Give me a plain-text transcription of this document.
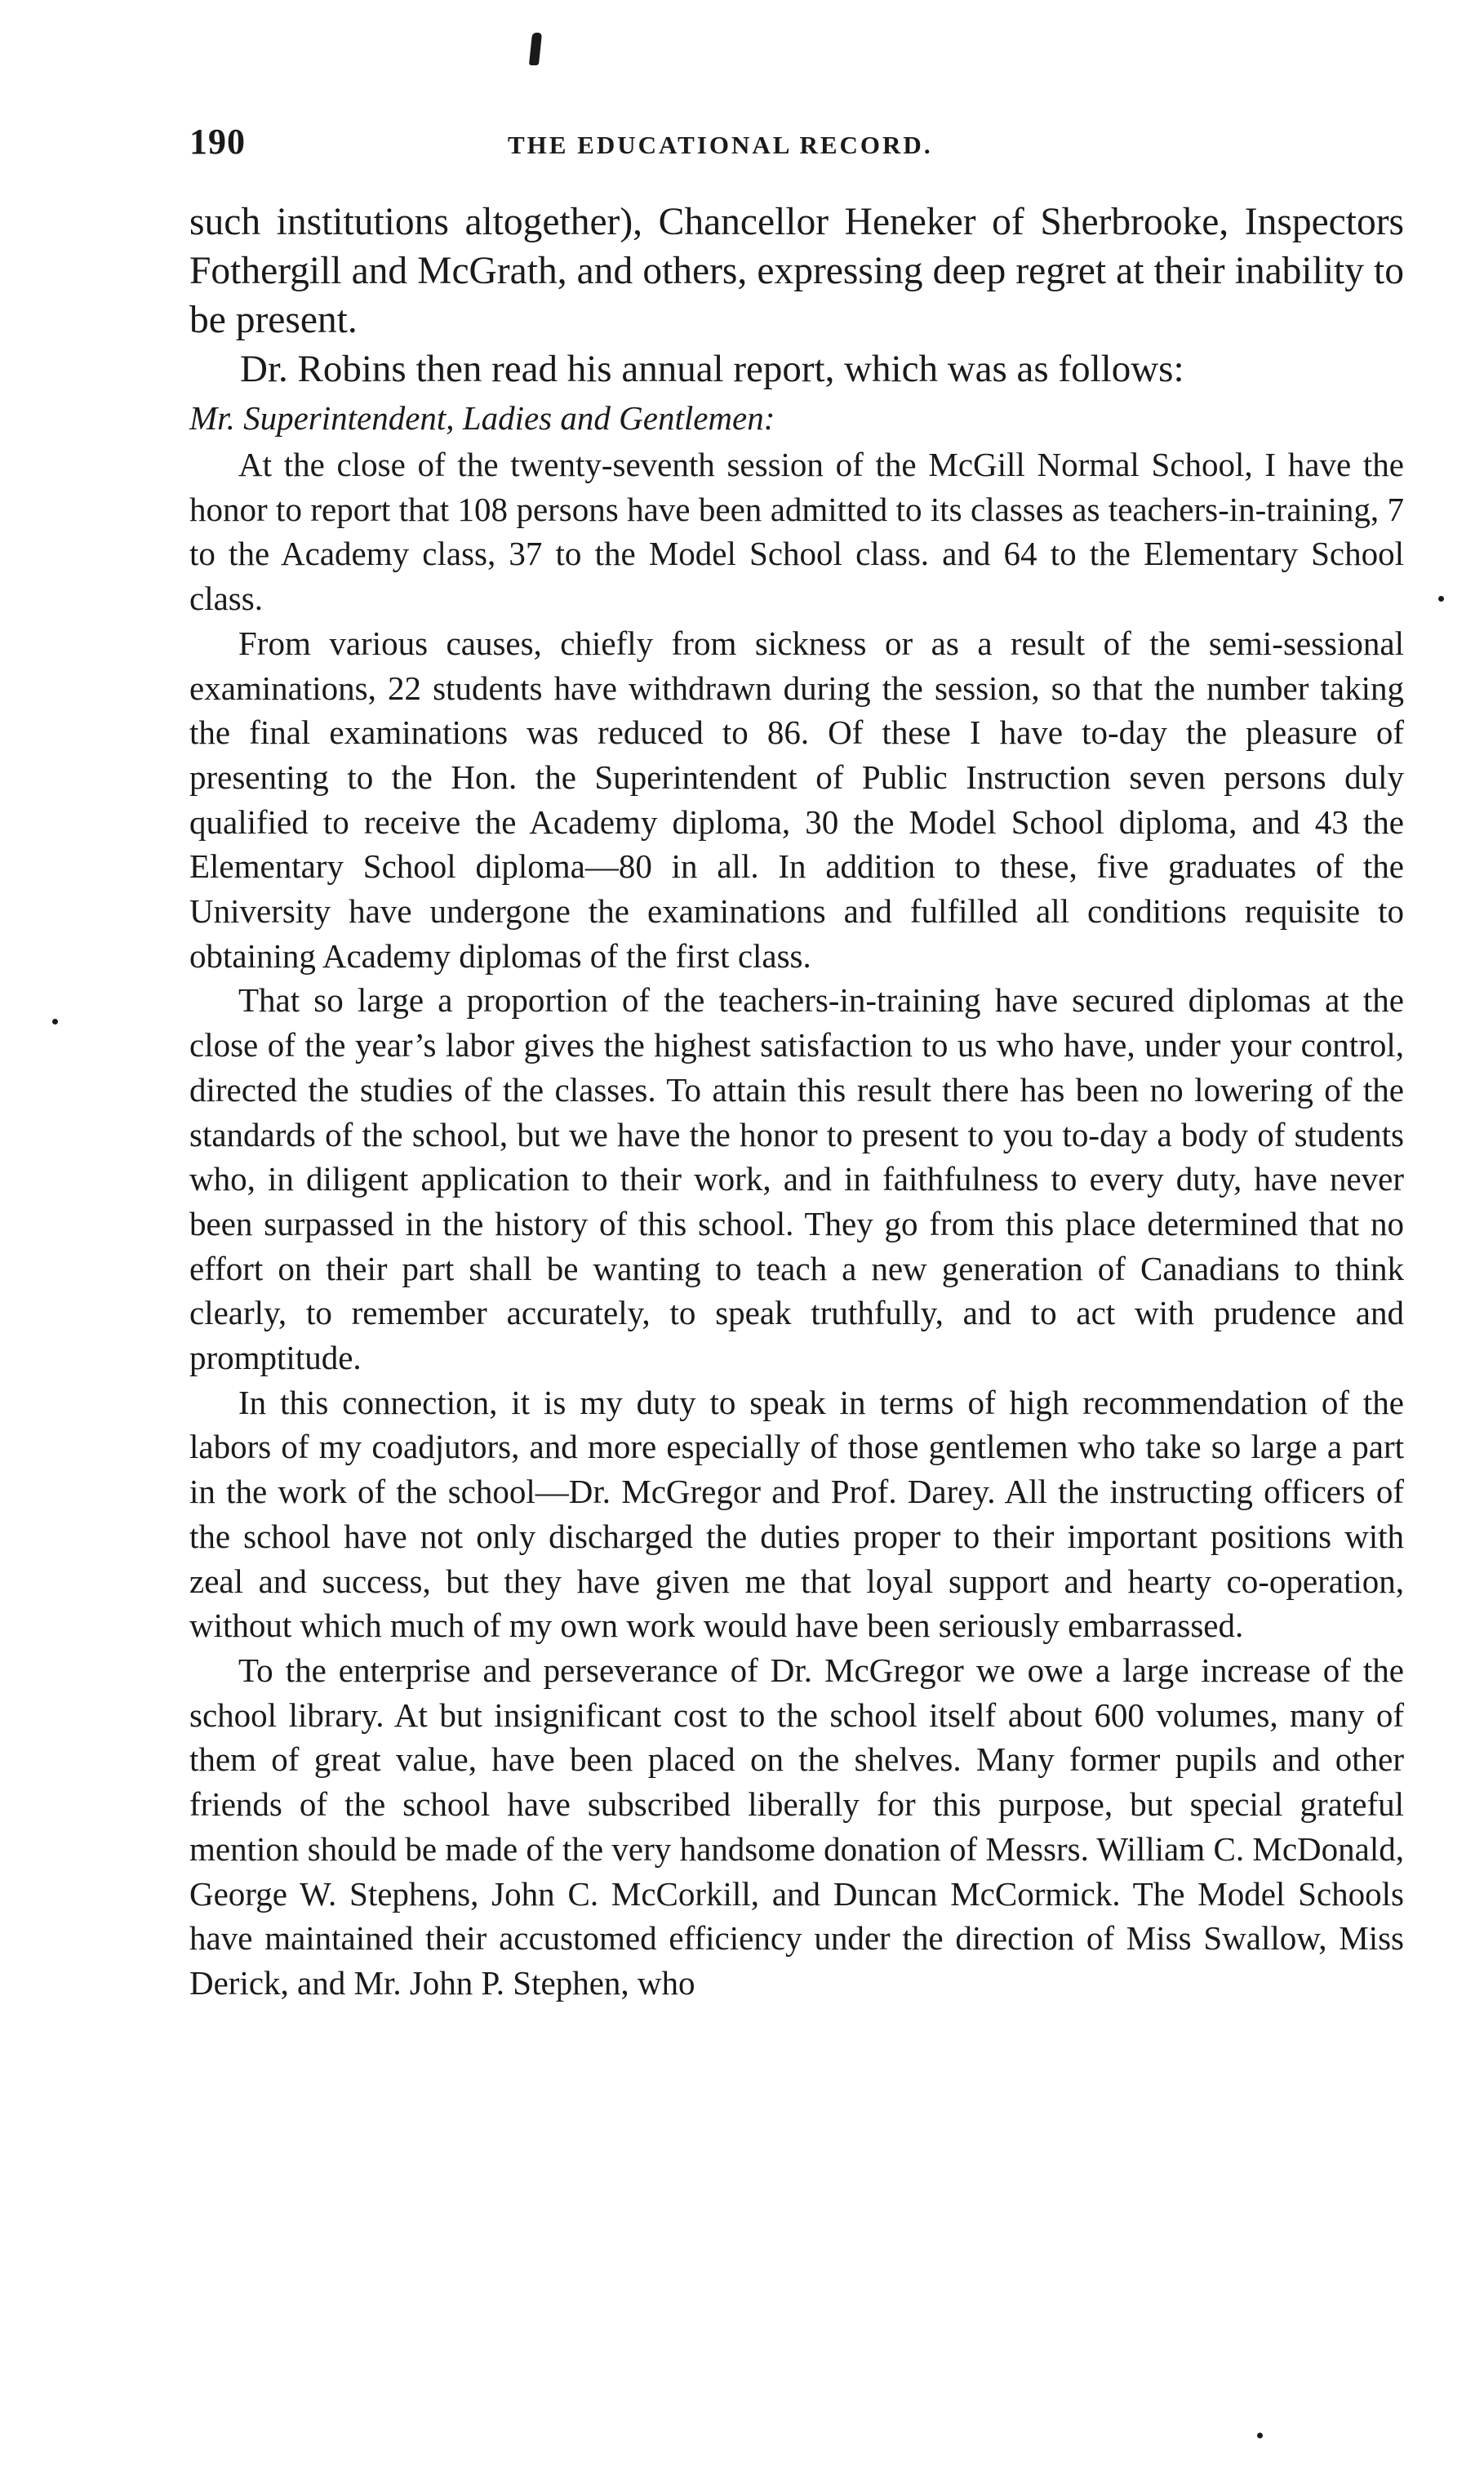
190	THE EDUCATIONAL RECORD.

such institutions altogether), Chancellor Heneker of Sherbrooke, Inspectors Fothergill and McGrath, and others, expressing deep regret at their inability to be present.

Dr. Robins then read his annual report, which was as follows:

Mr. Superintendent, Ladies and Gentlemen:

At the close of the twenty-seventh session of the McGill Normal School, I have the honor to report that 108 persons have been admitted to its classes as teachers-in-training, 7 to the Academy class, 37 to the Model School class. and 64 to the Elementary School class.

From various causes, chiefly from sickness or as a result of the semi-sessional examinations, 22 students have withdrawn during the session, so that the number taking the final examinations was reduced to 86. Of these I have to-day the pleasure of presenting to the Hon. the Superintendent of Public Instruction seven persons duly qualified to receive the Academy diploma, 30 the Model School diploma, and 43 the Elementary School diploma—80 in all. In addition to these, five graduates of the University have undergone the examinations and fulfilled all conditions requisite to obtaining Academy diplomas of the first class.

That so large a proportion of the teachers-in-training have secured diplomas at the close of the year’s labor gives the highest satisfaction to us who have, under your control, directed the studies of the classes. To attain this result there has been no lowering of the standards of the school, but we have the honor to present to you to-day a body of students who, in diligent application to their work, and in faithfulness to every duty, have never been surpassed in the history of this school. They go from this place determined that no effort on their part shall be wanting to teach a new generation of Canadians to think clearly, to remember accurately, to speak truthfully, and to act with prudence and promptitude.

In this connection, it is my duty to speak in terms of high recommendation of the labors of my coadjutors, and more especially of those gentlemen who take so large a part in the work of the school—Dr. McGregor and Prof. Darey. All the instructing officers of the school have not only discharged the duties proper to their important positions with zeal and success, but they have given me that loyal support and hearty co-operation, without which much of my own work would have been seriously embarrassed.

To the enterprise and perseverance of Dr. McGregor we owe a large increase of the school library. At but insignificant cost to the school itself about 600 volumes, many of them of great value, have been placed on the shelves. Many former pupils and other friends of the school have subscribed liberally for this purpose, but special grateful mention should be made of the very handsome donation of Messrs. William C. McDonald, George W. Stephens, John C. McCorkill, and Duncan McCormick. The Model Schools have maintained their accustomed efficiency under the direction of Miss Swallow, Miss Derick, and Mr. John P. Stephen, who
